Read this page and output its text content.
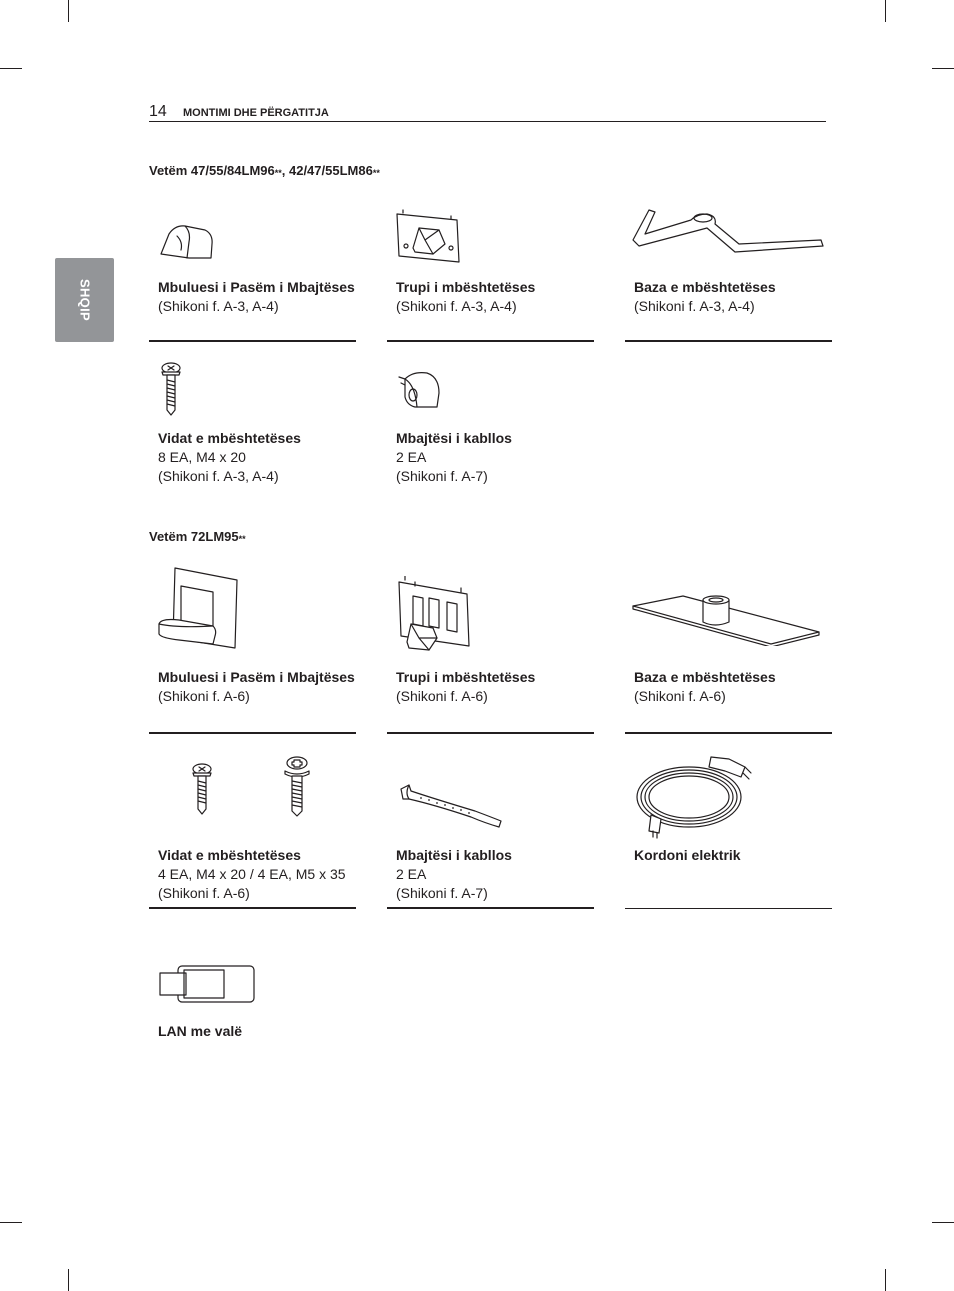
14 MONTIMI DHE PËRGATITJA
SHQIP
Vetëm 47/55/84LM96**, 42/47/55LM86**
Mbuluesi i Pasëm i Mbajtëses
(Shikoni f. A-3, A-4)
Trupi i mbështetëses
(Shikoni f. A-3, A-4)
Baza e mbështetëses
(Shikoni f. A-3, A-4)
Vidat e mbështetëses
8 EA, M4 x 20
(Shikoni f. A-3, A-4)
Mbajtësi i kabllos
2 EA
(Shikoni f. A-7)
Vetëm 72LM95**
Mbuluesi i Pasëm i Mbajtëses
(Shikoni f. A-6)
Trupi i mbështetëses
(Shikoni f. A-6)
Baza e mbështetëses
(Shikoni f. A-6)
Vidat e mbështetëses
4 EA, M4 x 20 / 4 EA, M5 x 35
(Shikoni f. A-6)
Mbajtësi i kabllos
2 EA
(Shikoni f. A-7)
Kordoni elektrik
LAN me valë
